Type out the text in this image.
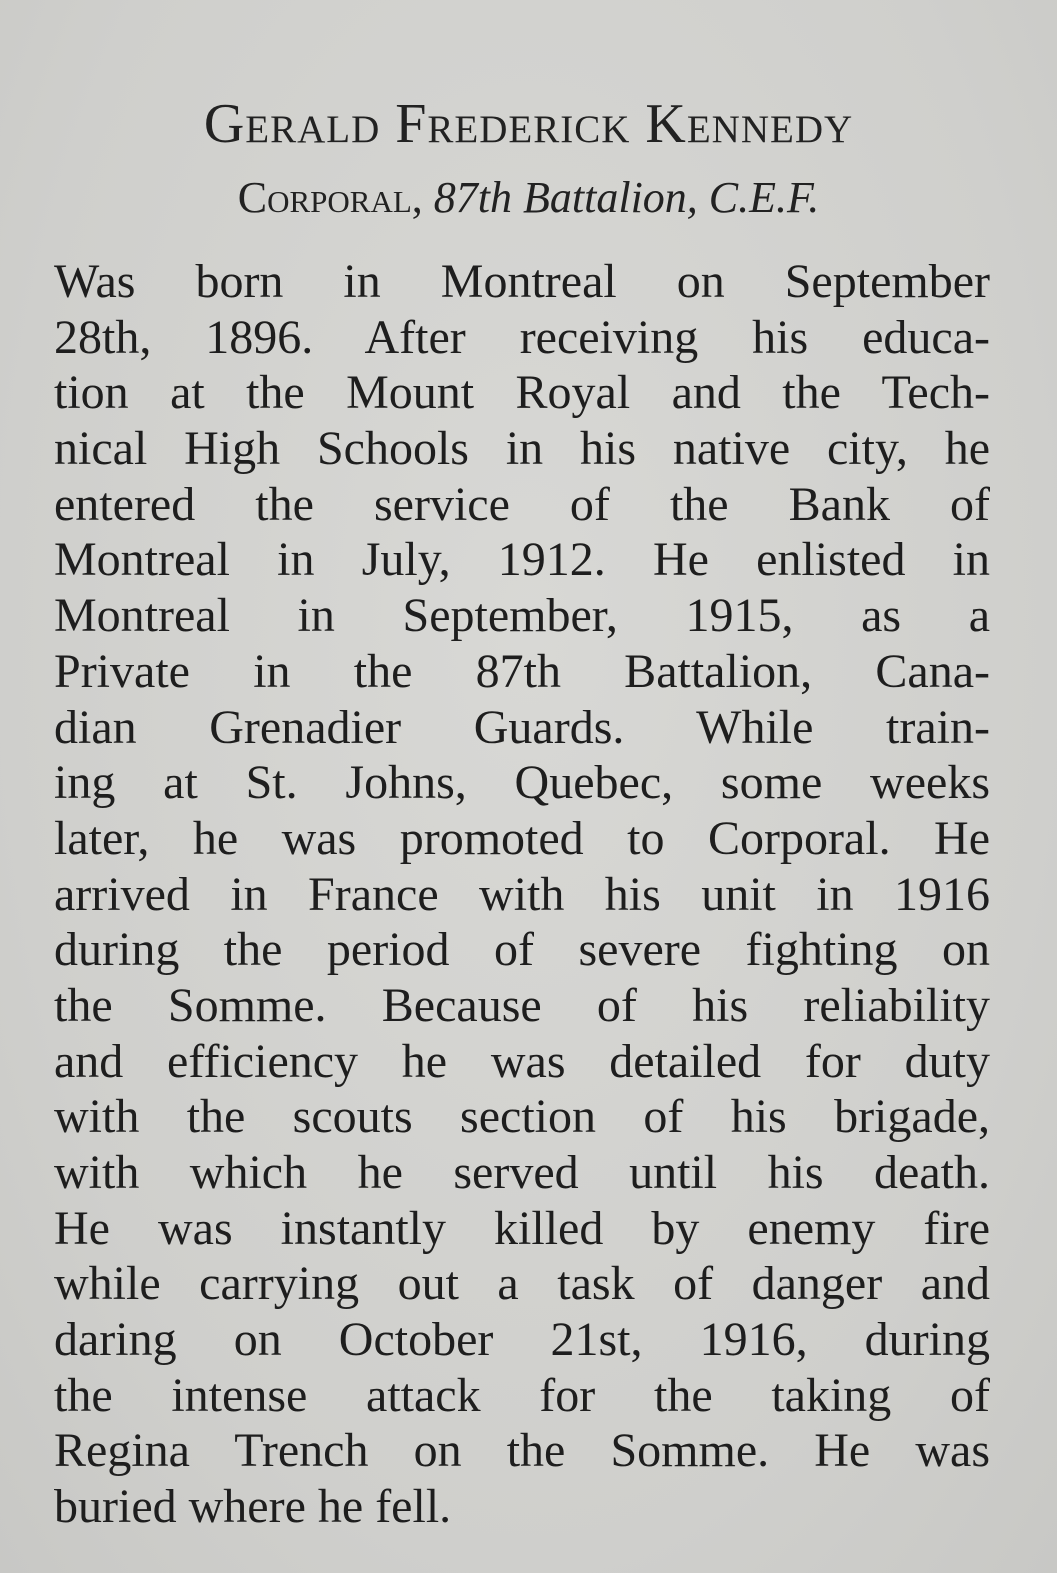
Gerald Frederick Kennedy
Corporal, 87th Battalion, C.E.F.
Was born in Montreal on September
28th, 1896. After receiving his educa-
tion at the Mount Royal and the Tech-
nical High Schools in his native city, he
entered the service of the Bank of
Montreal in July, 1912. He enlisted in
Montreal in September, 1915, as a
Private in the 87th Battalion, Cana-
dian Grenadier Guards. While train-
ing at St. Johns, Quebec, some weeks
later, he was promoted to Corporal. He
arrived in France with his unit in 1916
during the period of severe fighting on
the Somme. Because of his reliability
and efficiency he was detailed for duty
with the scouts section of his brigade,
with which he served until his death.
He was instantly killed by enemy fire
while carrying out a task of danger and
daring on October 21st, 1916, during
the intense attack for the taking of
Regina Trench on the Somme. He was
buried where he fell.
